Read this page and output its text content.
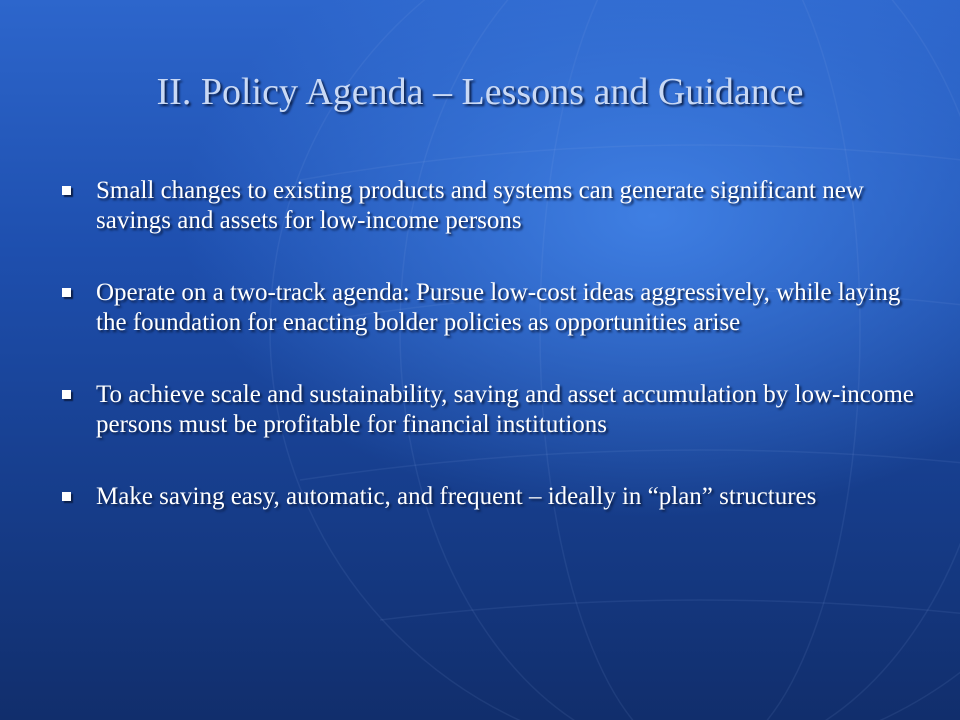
II. Policy Agenda – Lessons and Guidance
Small changes to existing products and systems can generate significant new savings and assets for low-income persons
Operate on a two-track agenda: Pursue low-cost ideas aggressively, while laying the foundation for enacting bolder policies as opportunities arise
To achieve scale and sustainability, saving and asset accumulation by low-income persons must be profitable for financial institutions
Make saving easy, automatic, and frequent – ideally in “plan” structures
